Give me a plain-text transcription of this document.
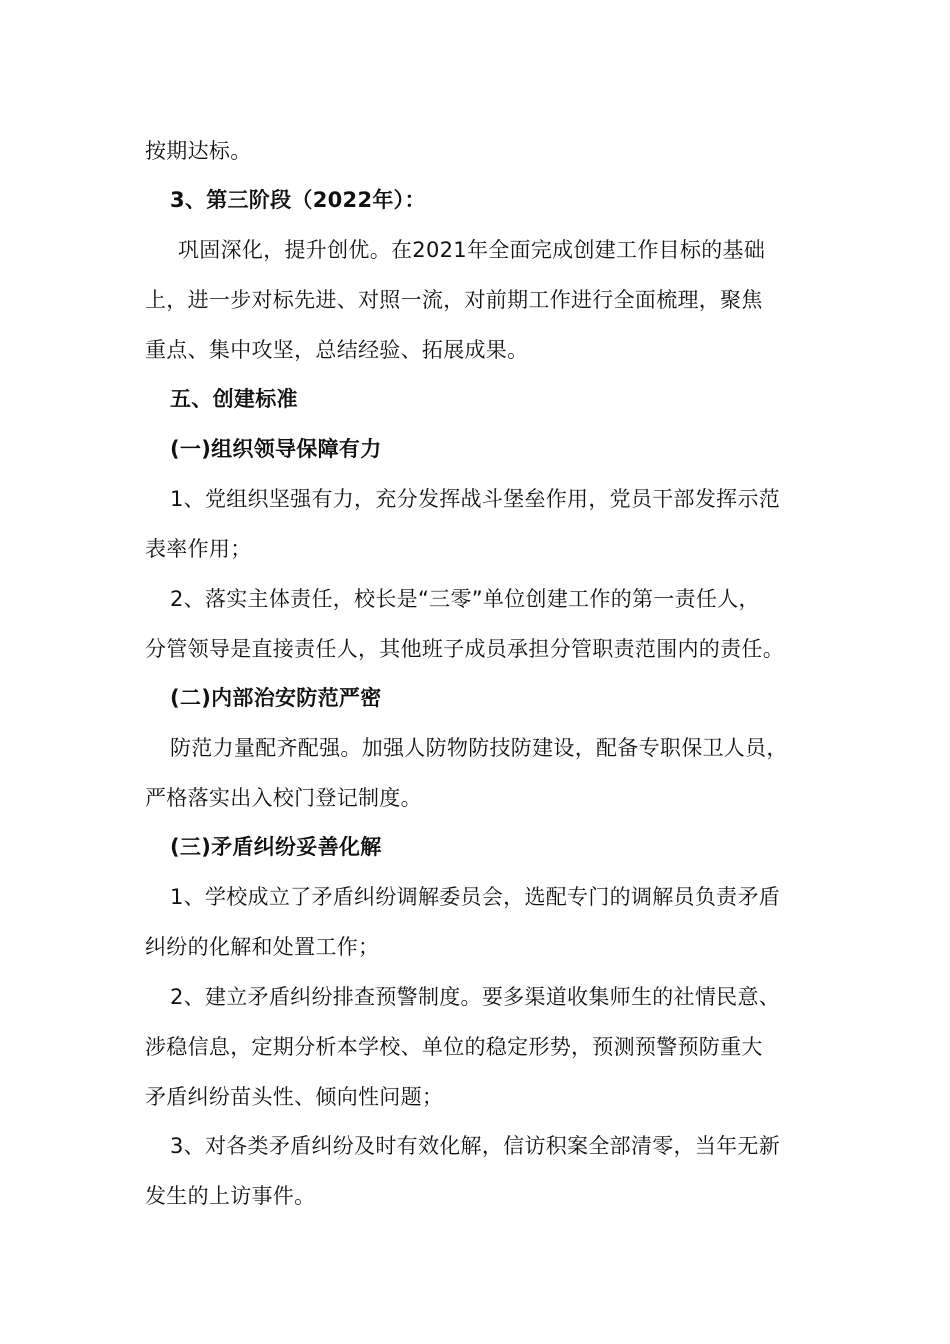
按期达标。
3、第三阶段（2022年）：
巩固深化，提升创优。在2021年全面完成创建工作目标的基础
上，进一步对标先进、对照一流，对前期工作进行全面梳理，聚焦
重点、集中攻坚，总结经验、拓展成果。
五、创建标准
(一)组织领导保障有力
1、党组织坚强有力，充分发挥战斗堡垒作用，党员干部发挥示范
表率作用；
2、落实主体责任，校长是“三零”单位创建工作的第一责任人，
分管领导是直接责任人，其他班子成员承担分管职责范围内的责任。
(二)内部治安防范严密
防范力量配齐配强。加强人防物防技防建设，配备专职保卫人员，
严格落实出入校门登记制度。
(三)矛盾纠纷妥善化解
1、学校成立了矛盾纠纷调解委员会，选配专门的调解员负责矛盾
纠纷的化解和处置工作；
2、建立矛盾纠纷排查预警制度。要多渠道收集师生的社情民意、
涉稳信息，定期分析本学校、单位的稳定形势，预测预警预防重大
矛盾纠纷苗头性、倾向性问题；
3、对各类矛盾纠纷及时有效化解，信访积案全部清零，当年无新
发生的上访事件。
